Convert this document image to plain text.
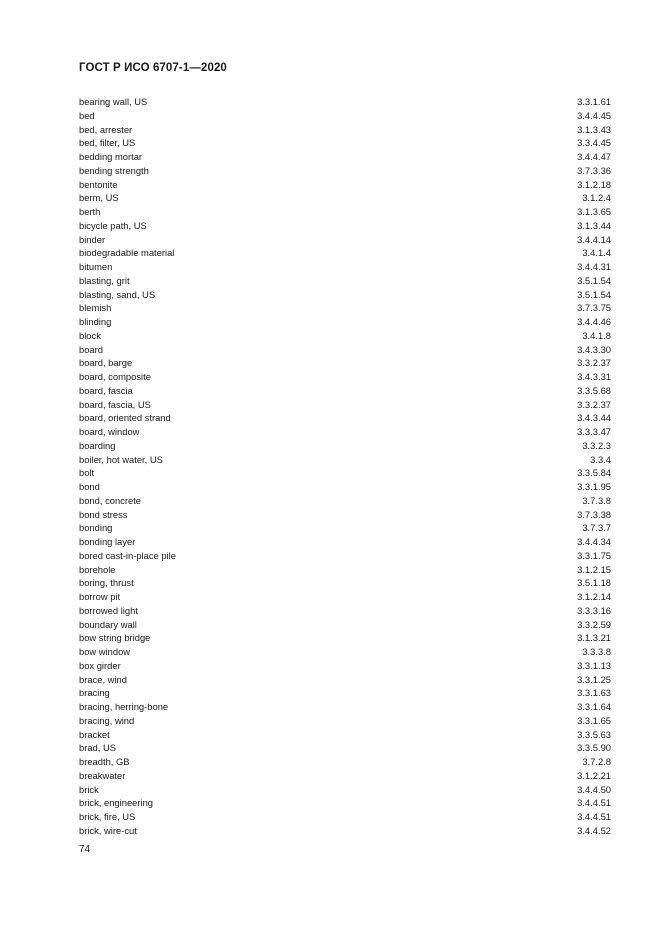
ГОСТ Р ИСО 6707-1—2020
bearing wall, US	3.3.1.61
bed	3.4.4.45
bed, arrester	3.1.3.43
bed, filter, US	3.3.4.45
bedding mortar	3.4.4.47
bending strength	3.7.3.36
bentonite	3.1.2.18
berm, US	3.1.2.4
berth	3.1.3.65
bicycle path, US	3.1.3.44
binder	3.4.4.14
biodegradable material	3.4.1.4
bitumen	3.4.4.31
blasting, grit	3.5.1.54
blasting, sand, US	3.5.1.54
blemish	3.7.3.75
blinding	3.4.4.46
block	3.4.1.8
board	3.4.3.30
board, barge	3.3.2.37
board, composite	3.4.3.31
board, fascia	3.3.5.68
board, fascia, US	3.3.2.37
board, oriented strand	3.4.3.44
board, window	3.3.3.47
boarding	3.3.2.3
boiler, hot water, US	3.3.4
bolt	3.3.5.84
bond	3.3.1.95
bond, concrete	3.7.3.8
bond stress	3.7.3.38
bonding	3.7.3.7
bonding layer	3.4.4.34
bored cast-in-place pile	3.3.1.75
borehole	3.1.2.15
boring, thrust	3.5.1.18
borrow pit	3.1.2.14
borrowed light	3.3.3.16
boundary wall	3.3.2.59
bow string bridge	3.1.3.21
bow window	3.3.3.8
box girder	3.3.1.13
brace, wind	3.3.1.25
bracing	3.3.1.63
bracing, herring-bone	3.3.1.64
bracing, wind	3.3.1.65
bracket	3.3.5.63
brad, US	3.3.5.90
breadth, GB	3.7.2.8
breakwater	3.1.2.21
brick	3.4.4.50
brick, engineering	3.4.4.51
brick, fire, US	3.4.4.51
brick, wire-cut	3.4.4.52
74
